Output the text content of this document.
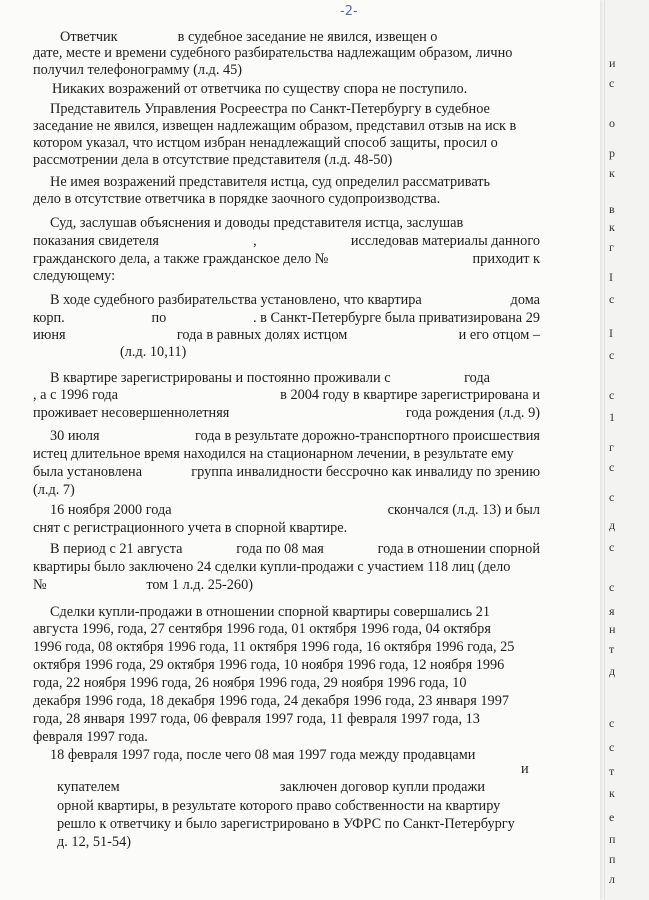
-2-
Ответчик	в судебное заседание не явился, извещен о
дате, месте и времени судебного разбирательства надлежащим образом, лично
получил телефонограмму (л.д. 45)
Никаких возражений от ответчика по существу спора не поступило.
Представитель Управления Росреестра по Санкт-Петербургу в судебное
заседание не явился, извещен надлежащим образом, представил отзыв на иск в
котором указал, что истцом избран ненадлежащий способ защиты, просил о
рассмотрении дела в отсутствие представителя (л.д. 48-50)
Не имея возражений представителя истца, суд определил рассматривать
дело в отсутствие ответчика в порядке заочного судопроизводства.
Суд, заслушав объяснения и доводы представителя истца, заслушав
показания свидетеля	,	исследовав материалы данного
гражданского дела, а также гражданское дело №	приходит к
следующему:
В ходе судебного разбирательства установлено, что квартира	дома
корп.	по	. в Санкт-Петербурге была приватизирована 29
июня	года в равных долях истцом	и его отцом –
(л.д. 10,11)
В квартире зарегистрированы и постоянно проживали с	года
, а с 1996 года	в 2004 году в квартире зарегистрирована и
проживает несовершеннолетняя	года рождения (л.д. 9)
30 июля	года в результате дорожно-транспортного происшествия
истец длительное время находился на стационарном лечении, в результате ему
была установлена	группа инвалидности бессрочно как инвалиду по зрению
(л.д. 7)
16 ноября 2000 года	скончался (л.д. 13) и был
снят с регистрационного учета в спорной квартире.
В период с 21 августа	года по 08 мая	года в отношении спорной
квартиры было заключено 24 сделки купли-продажи с участием 118 лиц (дело
№	том 1 л.д. 25-260)
Сделки купли-продажи в отношении спорной квартиры совершались 21
августа 1996, года, 27 сентября 1996 года, 01 октября 1996 года, 04 октября
1996 года, 08 октября 1996 года, 11 октября 1996 года, 16 октября 1996 года, 25
октября 1996 года, 29 октября 1996 года, 10 ноября 1996 года, 12 ноября 1996
года, 22 ноября 1996 года, 26 ноября 1996 года, 29 ноября 1996 года, 10
декабря 1996 года, 18 декабря 1996 года, 24 декабря 1996 года, 23 января 1997
года, 28 января 1997 года, 06 февраля 1997 года, 11 февраля 1997 года, 13
февраля 1997 года.
18 февраля 1997 года, после чего 08 мая 1997 года между продавцами
и
купателем	заключен договор купли продажи
орной квартиры, в результате которого право собственности на квартиру
решло к ответчику и было зарегистрировано в УФРС по Санкт-Петербургу
д. 12, 51-54)
и
с
о
р
к
в
к
г
I
с
I
с
с
1
г
с
с
д
с
с
я
н
т
д
с
с
т
к
е
п
п
л
